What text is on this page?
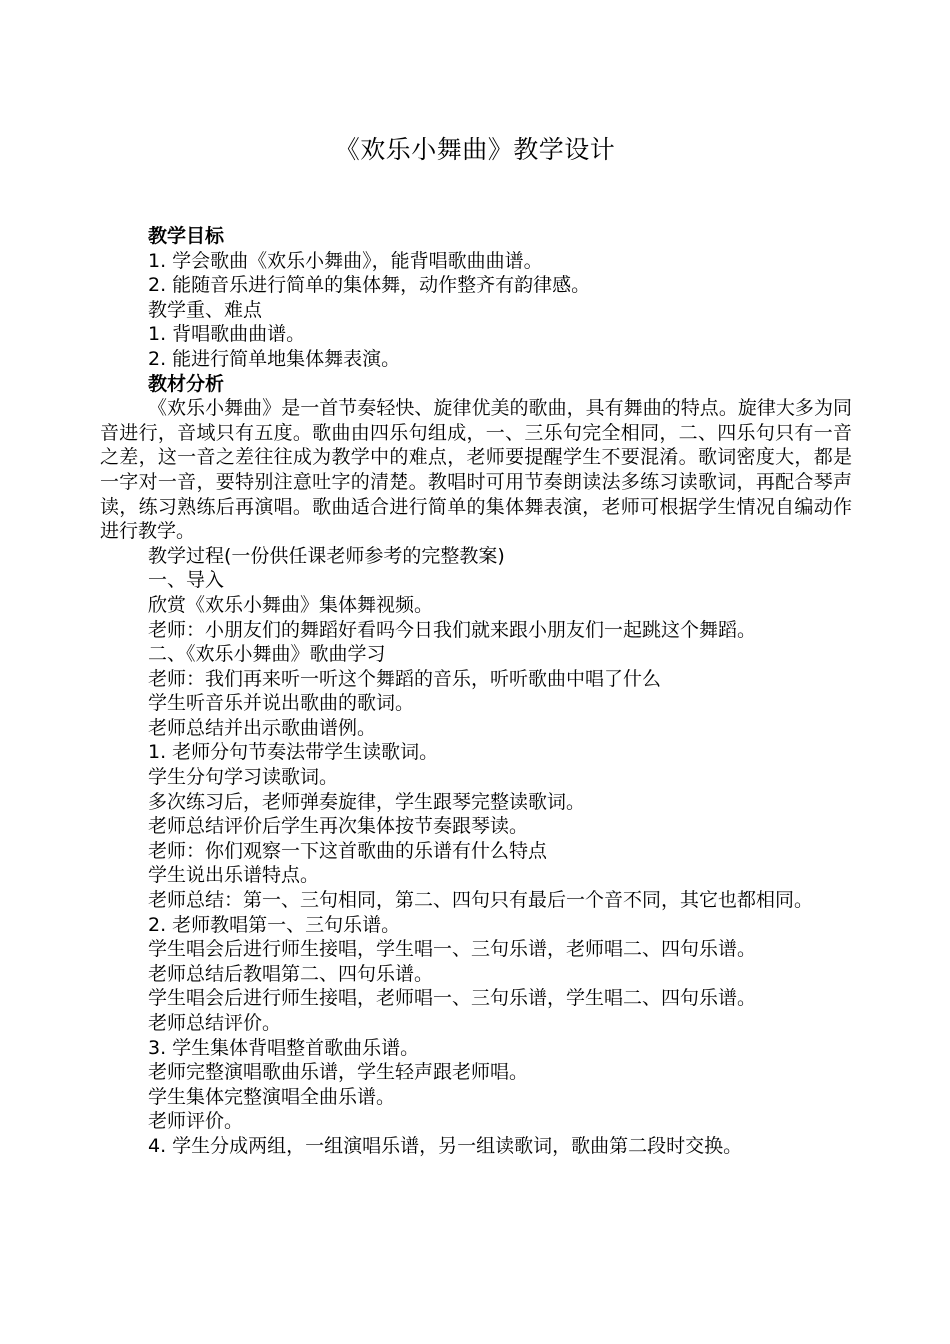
《欢乐小舞曲》教学设计
教学目标
1. 学会歌曲《欢乐小舞曲》，能背唱歌曲曲谱。
2. 能随音乐进行简单的集体舞，动作整齐有韵律感。
教学重、难点
1. 背唱歌曲曲谱。
2. 能进行简单地集体舞表演。
教材分析
《欢乐小舞曲》是一首节奏轻快、旋律优美的歌曲，具有舞曲的特点。旋律大多为同音进行，音域只有五度。歌曲由四乐句组成，一、三乐句完全相同，二、四乐句只有一音之差，这一音之差往往成为教学中的难点，老师要提醒学生不要混淆。歌词密度大，都是一字对一音，要特别注意吐字的清楚。教唱时可用节奏朗读法多练习读歌词，再配合琴声读，练习熟练后再演唱。歌曲适合进行简单的集体舞表演，老师可根据学生情况自编动作进行教学。
教学过程(一份供任课老师参考的完整教案)
一、导入
欣赏《欢乐小舞曲》集体舞视频。
老师：小朋友们的舞蹈好看吗今日我们就来跟小朋友们一起跳这个舞蹈。
二、《欢乐小舞曲》歌曲学习
老师：我们再来听一听这个舞蹈的音乐，听听歌曲中唱了什么
学生听音乐并说出歌曲的歌词。
老师总结并出示歌曲谱例。
1. 老师分句节奏法带学生读歌词。
学生分句学习读歌词。
多次练习后，老师弹奏旋律，学生跟琴完整读歌词。
老师总结评价后学生再次集体按节奏跟琴读。
老师：你们观察一下这首歌曲的乐谱有什么特点
学生说出乐谱特点。
老师总结：第一、三句相同，第二、四句只有最后一个音不同，其它也都相同。
2. 老师教唱第一、三句乐谱。
学生唱会后进行师生接唱，学生唱一、三句乐谱，老师唱二、四句乐谱。
老师总结后教唱第二、四句乐谱。
学生唱会后进行师生接唱，老师唱一、三句乐谱，学生唱二、四句乐谱。
老师总结评价。
3. 学生集体背唱整首歌曲乐谱。
老师完整演唱歌曲乐谱，学生轻声跟老师唱。
学生集体完整演唱全曲乐谱。
老师评价。
4. 学生分成两组，一组演唱乐谱，另一组读歌词，歌曲第二段时交换。
